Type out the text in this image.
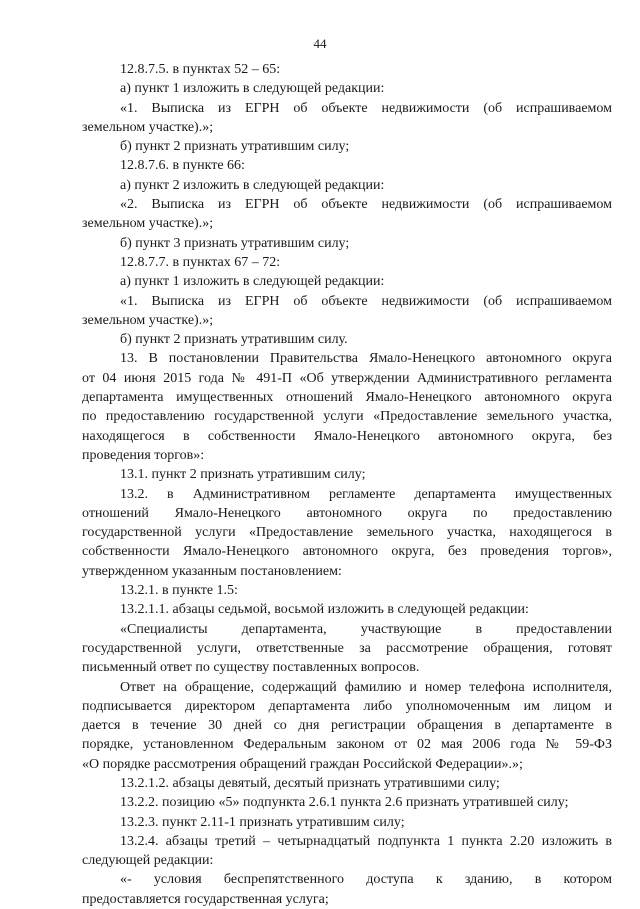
44
12.8.7.5. в пунктах 52 – 65:
а) пункт 1 изложить в следующей редакции:
«1. Выписка из ЕГРН об объекте недвижимости (об испрашиваемом
земельном участке).»;
б) пункт 2 признать утратившим силу;
12.8.7.6. в пункте 66:
а) пункт 2 изложить в следующей редакции:
«2. Выписка из ЕГРН об объекте недвижимости (об испрашиваемом
земельном участке).»;
б) пункт 3 признать утратившим силу;
12.8.7.7. в пунктах 67 – 72:
а) пункт 1 изложить в следующей редакции:
«1. Выписка из ЕГРН об объекте недвижимости (об испрашиваемом
земельном участке).»;
б) пункт 2 признать утратившим силу.
13. В постановлении Правительства Ямало-Ненецкого автономного округа
от 04 июня 2015 года № 491-П «Об утверждении Административного регламента
департамента имущественных отношений Ямало-Ненецкого автономного округа
по предоставлению государственной услуги «Предоставление земельного участка,
находящегося в собственности Ямало-Ненецкого автономного округа, без
проведения торгов»:
13.1. пункт 2 признать утратившим силу;
13.2. в Административном регламенте департамента имущественных
отношений Ямало-Ненецкого автономного округа по предоставлению
государственной услуги «Предоставление земельного участка, находящегося в
собственности Ямало-Ненецкого автономного округа, без проведения торгов»,
утвержденном указанным постановлением:
13.2.1. в пункте 1.5:
13.2.1.1. абзацы седьмой, восьмой изложить в следующей редакции:
«Специалисты департамента, участвующие в предоставлении
государственной услуги, ответственные за рассмотрение обращения, готовят
письменный ответ по существу поставленных вопросов.
Ответ на обращение, содержащий фамилию и номер телефона исполнителя,
подписывается директором департамента либо уполномоченным им лицом и
дается в течение 30 дней со дня регистрации обращения в департаменте в
порядке, установленном Федеральным законом от 02 мая 2006 года № 59-ФЗ
«О порядке рассмотрения обращений граждан Российской Федерации».»;
13.2.1.2. абзацы девятый, десятый признать утратившими силу;
13.2.2. позицию «5» подпункта 2.6.1 пункта 2.6 признать утратившей силу;
13.2.3. пункт 2.11-1 признать утратившим силу;
13.2.4. абзацы третий – четырнадцатый подпункта 1 пункта 2.20 изложить в
следующей редакции:
«- условия беспрепятственного доступа к зданию, в котором
предоставляется государственная услуга;
